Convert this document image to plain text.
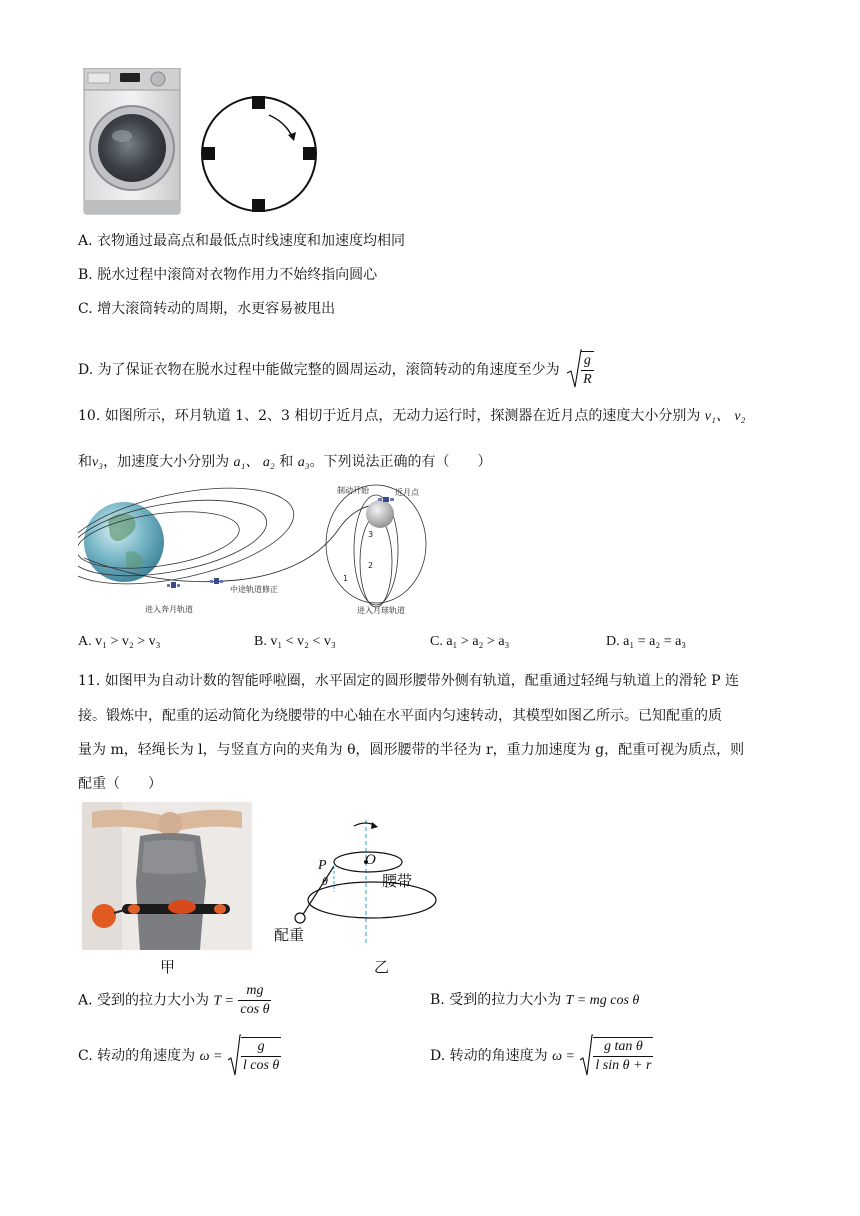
A. 衣物通过最高点和最低点时线速度和加速度均相同
B. 脱水过程中滚筒对衣物作用力不始终指向圆心
C. 增大滚筒转动的周期，水更容易被甩出
D. 为了保证衣物在脱水过程中能做完整的圆周运动，滚筒转动的角速度至少为 $\frac{g}{R}$
10. 如图所示，环月轨道 1、2、3 相切于近月点，无动力运行时，探测器在近月点的速度大小分别为 v₁、 v₂
和v₃，加速度大小分别为 a₁、 a₂ 和 a₃。下列说法正确的有（　　）
制动开始	近月点
3
2
1
中途轨道修正
进入奔月轨道	进入月球轨道
A. v₁ > v₂ > v₃	B. v₁ < v₂ < v₃	C. a₁ > a₂ > a₃	D. a₁ = a₂ = a₃
11. 如图甲为自动计数的智能呼啦圈，水平固定的圆形腰带外侧有轨道，配重通过轻绳与轨道上的滑轮 P 连
接。锻炼中，配重的运动简化为绕腰带的中心轴在水平面内匀速转动，其模型如图乙所示。已知配重的质
量为 m，轻绳长为 l，与竖直方向的夹角为 θ，圆形腰带的半径为 r，重力加速度为 g，配重可视为质点，则
配重（　　）
甲
O
P
θ	腰带
配重
乙
A. 受到的拉力大小为 $T = \frac{mg}{\text{cos θ}}$	B. 受到的拉力大小为 T = mg cos θ
C. 转动的角速度为 $\omega = \frac{g}{\text{l cos θ}}$	D. 转动的角速度为 $\omega = \frac{\text{g tan θ}}{\text{l sin θ + r}}$
